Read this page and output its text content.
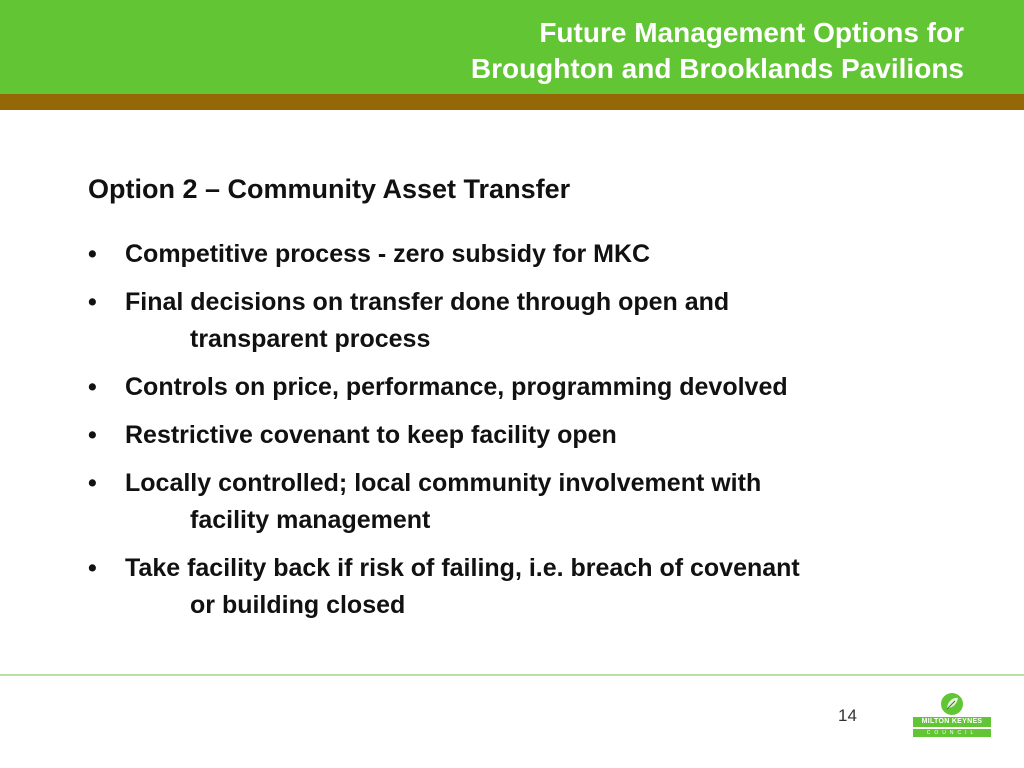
Future Management Options for
Broughton and Brooklands Pavilions
Option 2 – Community Asset Transfer
•	Competitive process - zero subsidy for MKC
•	Final decisions on transfer done through open and
transparent process
•	Controls on price, performance, programming devolved
•	Restrictive covenant to keep facility open
•	Locally controlled; local community involvement with
facility management
•	Take facility back if risk of failing, i.e. breach of covenant
or building closed
14	MILTON KEYNES
COUNCIL
